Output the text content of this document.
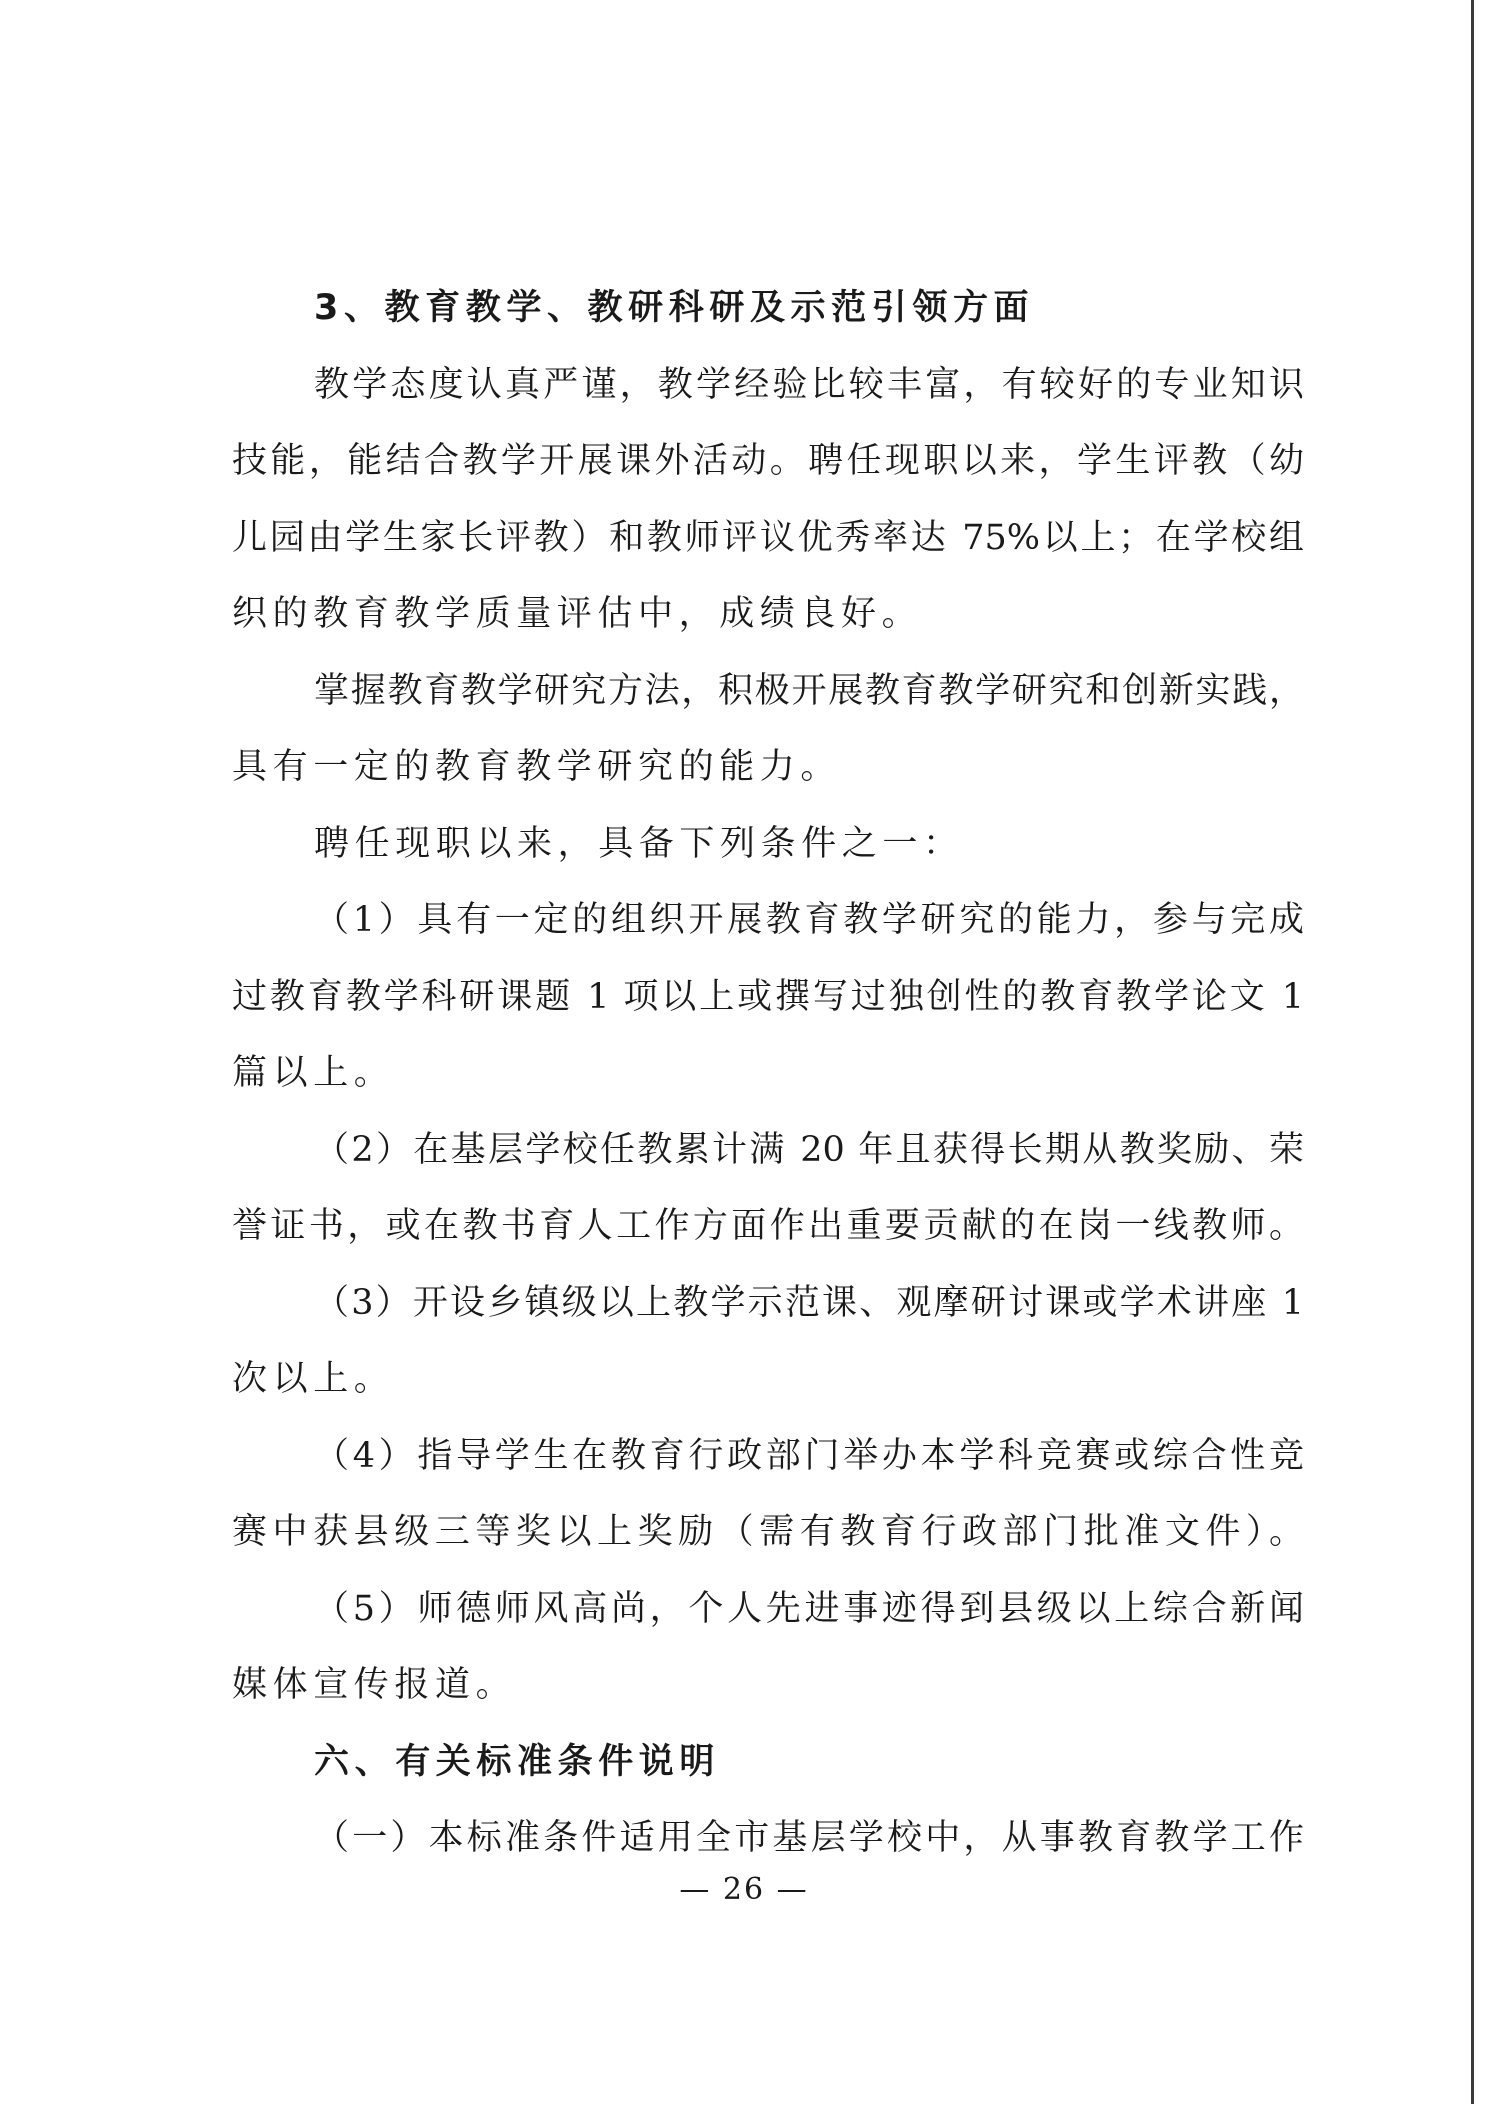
3、教育教学、教研科研及示范引领方面
教学态度认真严谨，教学经验比较丰富，有较好的专业知识
技能，能结合教学开展课外活动。聘任现职以来，学生评教（幼
儿园由学生家长评教）和教师评议优秀率达 75%以上；在学校组
织的教育教学质量评估中，成绩良好。
掌握教育教学研究方法，积极开展教育教学研究和创新实践，
具有一定的教育教学研究的能力。
聘任现职以来，具备下列条件之一：
（1）具有一定的组织开展教育教学研究的能力，参与完成
过教育教学科研课题 1 项以上或撰写过独创性的教育教学论文 1
篇以上。
（2）在基层学校任教累计满 20 年且获得长期从教奖励、荣
誉证书，或在教书育人工作方面作出重要贡献的在岗一线教师。
（3）开设乡镇级以上教学示范课、观摩研讨课或学术讲座 1
次以上。
（4）指导学生在教育行政部门举办本学科竞赛或综合性竞
赛中获县级三等奖以上奖励（需有教育行政部门批准文件）。
（5）师德师风高尚，个人先进事迹得到县级以上综合新闻
媒体宣传报道。
六、有关标准条件说明
（一）本标准条件适用全市基层学校中，从事教育教学工作
— 26 —
